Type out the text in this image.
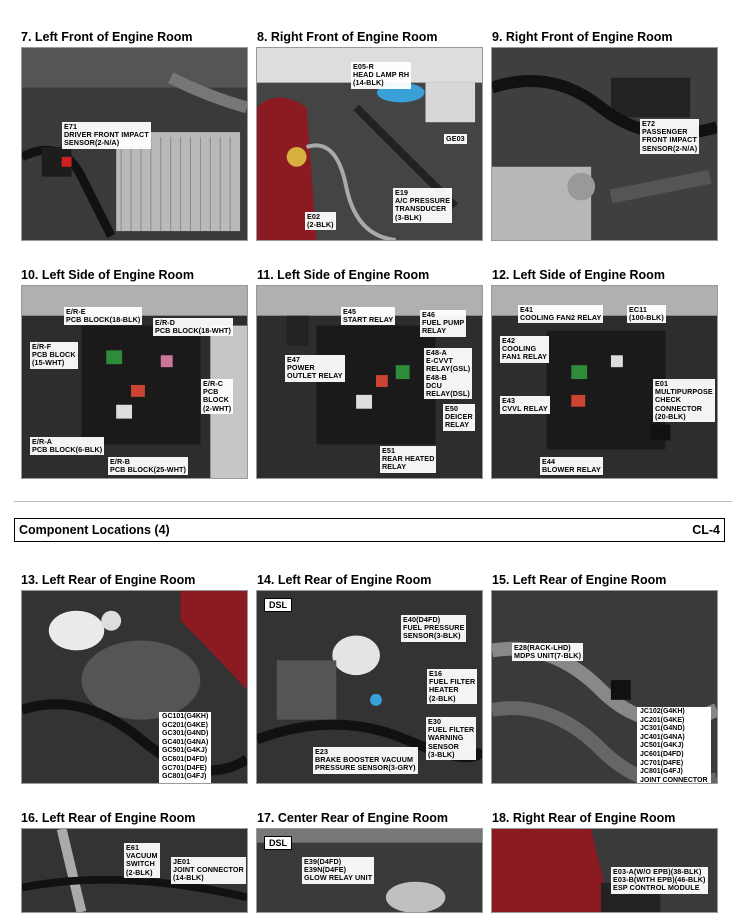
7. Left Front of Engine Room	8. Right Front of Engine Room	9. Right Front of Engine Room
E71
DRIVER FRONT IMPACT
SENSOR(2-N/A)
E05-R
HEAD LAMP RH
(14-BLK)
GE03
E19
A/C PRESSURE
TRANSDUCER
(3-BLK)
E02
(2-BLK)
E72
PASSENGER
FRONT IMPACT
SENSOR(2-N/A)
10. Left Side of Engine Room	11. Left Side of Engine Room	12. Left Side of Engine Room
E/R-E
PCB BLOCK(18-BLK) E/R-D
PCB BLOCK(18-WHT)
E/R-F
PCB BLOCK
(15-WHT)
E/R-C
PCB
BLOCK
(2-WHT)
E/R-A
PCB BLOCK(6-BLK)
E/R-B
PCB BLOCK(25-WHT)
E45
START RELAY
E46
FUEL PUMP
RELAY
E47
POWER
OUTLET RELAY
E48-A
E-CVVT
RELAY(GSL)
E48-B
DCU
RELAY(DSL)
E50
DEICER
RELAY
E51
REAR HEATED
RELAY
E41
COOLING FAN2 RELAY
EC11
(100-BLK)
E42
COOLING
FAN1 RELAY
E01
MULTIPURPOSE
CHECK
CONNECTOR
(20-BLK)
E43
CVVL RELAY
E44
BLOWER RELAY
Component Locations (4)	CL-4
13. Left Rear of Engine Room	14. Left Rear of Engine Room	15. Left Rear of Engine Room
GC101(G4KH)
GC201(G4KE)
GC301(G4ND)
GC401(G4NA)
GC501(G4KJ)
GC601(D4FD)
GC701(D4FE)
GC801(G4FJ)
DSL
E40(D4FD)
FUEL PRESSURE
SENSOR(3-BLK)
E16
FUEL FILTER
HEATER
(2-BLK)
E30
FUEL FILTER
WARNING
SENSOR
(3-BLK)
E23
BRAKE BOOSTER VACUUM
PRESSURE SENSOR(3-GRY)
E28(RACK-LHD)
MDPS UNIT(7-BLK)
JC102(G4KH)
JC201(G4KE)
JC301(G4ND)
JC401(G4NA)
JC501(G4KJ)
JC601(D4FD)
JC701(D4FE)
JC801(G4FJ)
JOINT CONNECTOR
16. Left Rear of Engine Room	17. Center Rear of Engine Room	18. Right Rear of Engine Room
E61
VACUUM
SWITCH
(2-BLK)
JE01
JOINT CONNECTOR
(14-BLK)
DSL
E39(D4FD)
E39N(D4FE)
GLOW RELAY UNIT
E03-A(W/O EPB)(38-BLK)
E03-B(WITH EPB)(46-BLK)
ESP CONTROL MODULE
